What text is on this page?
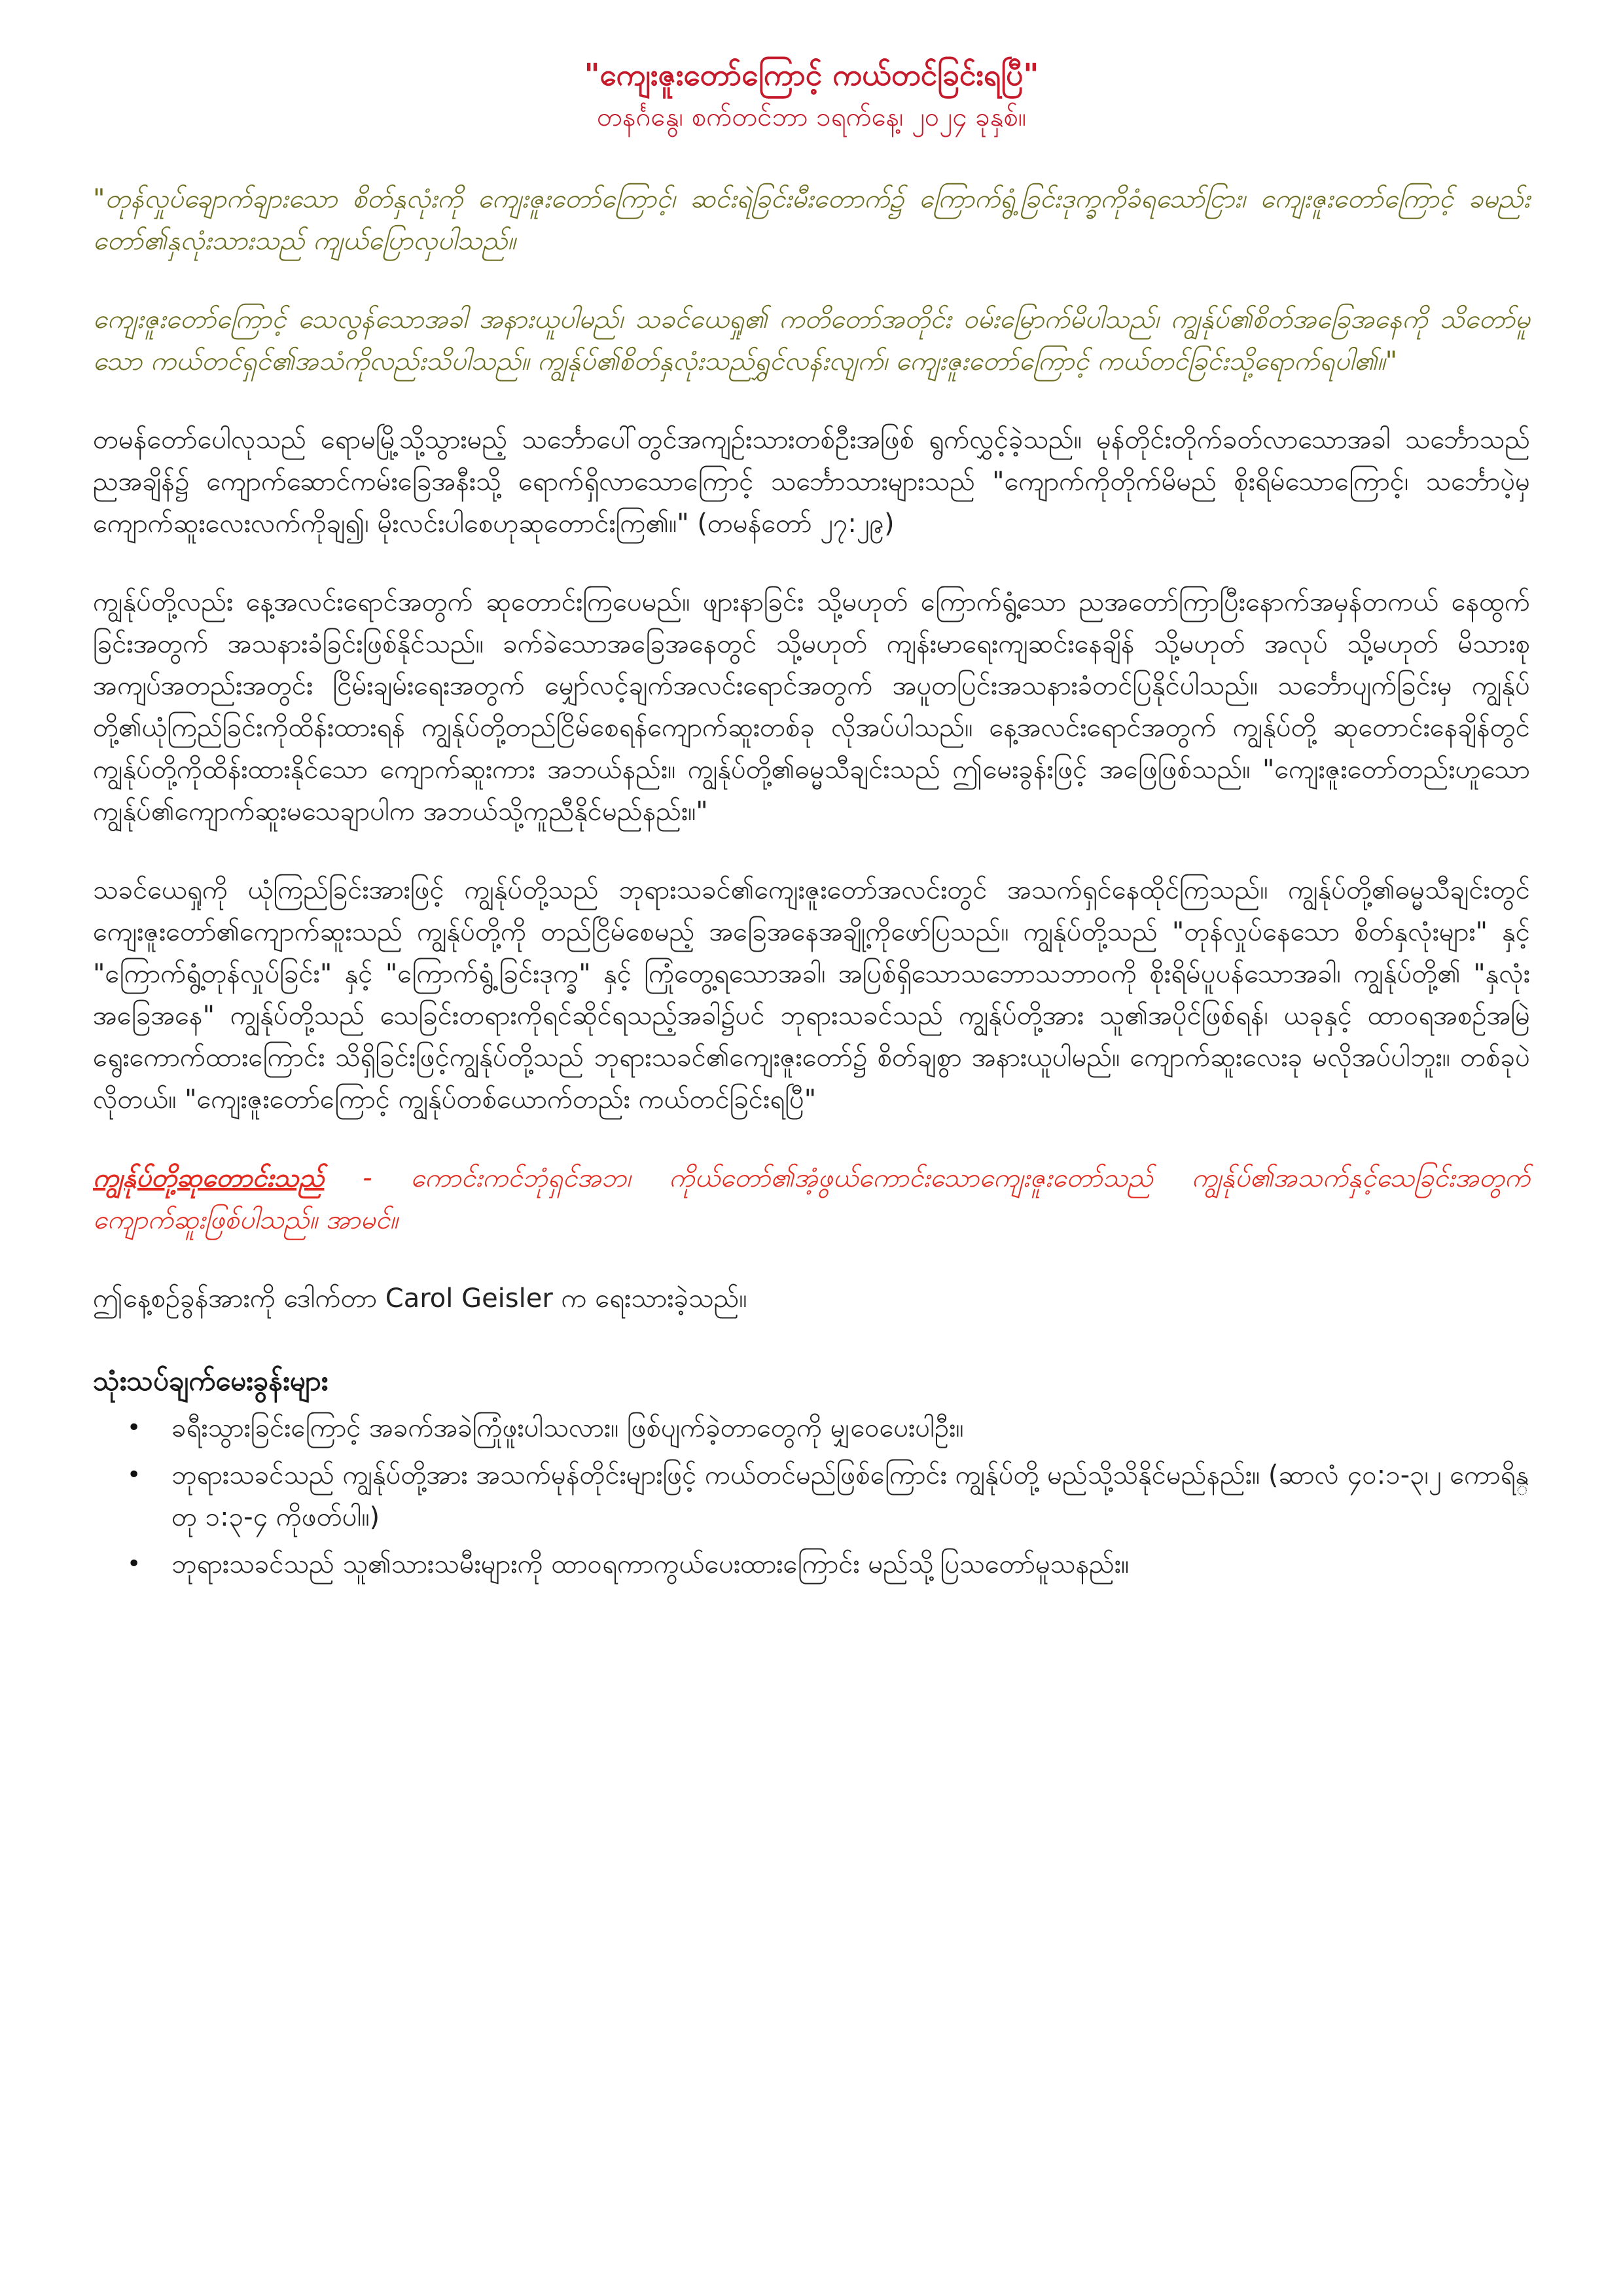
"ကျေးဇူးတော်ကြောင့် ကယ်တင်ခြင်းရပြီ"

တနင်္ဂနွေ၊ စက်တင်ဘာ ၁ရက်နေ့၊ ၂၀၂၄ ခုနှစ်။

"တုန်လှုပ်ချောက်ချားသော စိတ်နှလုံးကို ကျေးဇူးတော်ကြောင့်၊ ဆင်းရဲခြင်းမီးတောက်၌ ကြောက်ရွံ့ခြင်းဒုက္ခကိုခံရသော်ငြား၊ ကျေးဇူးတော်ကြောင့် ခမည်းတော်၏နှလုံးသားသည် ကျယ်ပြောလှပါသည်။

ကျေးဇူးတော်ကြောင့် သေလွန်သောအခါ အနားယူပါမည်၊ သခင်ယေရှု၏ ကတိတော်အတိုင်း ဝမ်းမြောက်မိပါသည်၊ ကျွန်ုပ်၏စိတ်အခြေအနေကို သိတော်မူသော ကယ်တင်ရှင်၏အသံကိုလည်းသိပါသည်။ ကျွန်ုပ်၏စိတ်နှလုံးသည်ရွှင်လန်းလျက်၊ ကျေးဇူးတော်ကြောင့် ကယ်တင်ခြင်းသို့ရောက်ရပါ၏။"

တမန်တော်ပေါလုသည် ရောမမြို့သို့သွားမည့် သင်္ဘောပေါ်တွင်အကျဉ်းသားတစ်ဦးအဖြစ် ရွက်လွှင့်ခဲ့သည်။ မုန်တိုင်းတိုက်ခတ်လာသောအခါ သင်္ဘောသည် ညအချိန်၌ ကျောက်ဆောင်ကမ်းခြေအနီးသို့ ရောက်ရှိလာသောကြောင့် သင်္ဘောသားများသည် "ကျောက်ကိုတိုက်မိမည် စိုးရိမ်သောကြောင့်၊ သင်္ဘောပဲ့မှကျောက်ဆူးလေးလက်ကိုချ၍၊ မိုးလင်းပါစေဟုဆုတောင်းကြ၏။" (တမန်တော် ၂၇:၂၉)

ကျွန်ုပ်တို့လည်း နေ့အလင်းရောင်အတွက် ဆုတောင်းကြပေမည်။ ဖျားနာခြင်း သို့မဟုတ် ကြောက်ရွံ့သော ညအတော်ကြာပြီးနောက်အမှန်တကယ် နေထွက်ခြင်းအတွက် အသနားခံခြင်းဖြစ်နိုင်သည်။ ခက်ခဲသောအခြေအနေတွင် သို့မဟုတ် ကျန်းမာရေးကျဆင်းနေချိန် သို့မဟုတ် အလုပ် သို့မဟုတ် မိသားစုအကျပ်အတည်းအတွင်း ငြိမ်းချမ်းရေးအတွက် မျှော်လင့်ချက်အလင်းရောင်အတွက် အပူတပြင်းအသနားခံတင်ပြနိုင်ပါသည်။ သင်္ဘောပျက်ခြင်းမှ ကျွန်ုပ်တို့၏ယုံကြည်ခြင်းကိုထိန်းထားရန် ကျွန်ုပ်တို့တည်ငြိမ်စေရန်ကျောက်ဆူးတစ်ခု လိုအပ်ပါသည်။ နေ့အလင်းရောင်အတွက် ကျွန်ုပ်တို့ ဆုတောင်းနေချိန်တွင် ကျွန်ုပ်တို့ကိုထိန်းထားနိုင်သော ကျောက်ဆူးကား အဘယ်နည်း။ ကျွန်ုပ်တို့၏ဓမ္မသီချင်းသည် ဤမေးခွန်းဖြင့် အဖြေဖြစ်သည်။ "ကျေးဇူးတော်တည်းဟူသော ကျွန်ုပ်၏ကျောက်ဆူးမသေချာပါက အဘယ်သို့ကူညီနိုင်မည်နည်း။"

သခင်ယေရှုကို ယုံကြည်ခြင်းအားဖြင့် ကျွန်ုပ်တို့သည် ဘုရားသခင်၏ကျေးဇူးတော်အလင်းတွင် အသက်ရှင်နေထိုင်ကြသည်။ ကျွန်ုပ်တို့၏ဓမ္မသီချင်းတွင် ကျေးဇူးတော်၏ကျောက်ဆူးသည် ကျွန်ုပ်တို့ကို တည်ငြိမ်စေမည့် အခြေအနေအချို့ကိုဖော်ပြသည်။ ကျွန်ုပ်တို့သည် "တုန်လှုပ်နေသော စိတ်နှလုံးများ" နှင့် "ကြောက်ရွံ့တုန်လှုပ်ခြင်း" နှင့် "ကြောက်ရွံ့ခြင်းဒုက္ခ" နှင့် ကြုံတွေ့ရသောအခါ၊ အပြစ်ရှိသောသဘောသဘာဝကို စိုးရိမ်ပူပန်သောအခါ၊ ကျွန်ုပ်တို့၏ "နှလုံးအခြေအနေ" ကျွန်ုပ်တို့သည် သေခြင်းတရားကိုရင်ဆိုင်ရသည့်အခါ၌ပင် ဘုရားသခင်သည် ကျွန်ုပ်တို့အား သူ၏အပိုင်ဖြစ်ရန်၊ ယခုနှင့် ထာဝရအစဉ်အမြဲ ရွေးကောက်ထားကြောင်း သိရှိခြင်းဖြင့်ကျွန်ုပ်တို့သည် ဘုရားသခင်၏ကျေးဇူးတော်၌ စိတ်ချစွာ အနားယူပါမည်။ ကျောက်ဆူးလေးခု မလိုအပ်ပါဘူး။ တစ်ခုပဲလိုတယ်။ "ကျေးဇူးတော်ကြောင့် ကျွန်ုပ်တစ်ယောက်တည်း ကယ်တင်ခြင်းရပြီ"

ကျွန်ုပ်တို့ဆုတောင်းသည် - ကောင်းကင်ဘုံရှင်အဘ၊ ကိုယ်တော်၏အံ့ဖွယ်ကောင်းသောကျေးဇူးတော်သည် ကျွန်ုပ်၏အသက်နှင့်သေခြင်းအတွက် ကျောက်ဆူးဖြစ်ပါသည်။ အာမင်။

ဤနေ့စဉ်ခွန်အားကို ဒေါက်တာ Carol Geisler က ရေးသားခဲ့သည်။

သုံးသပ်ချက်မေးခွန်းများ
• ခရီးသွားခြင်းကြောင့် အခက်အခဲကြုံဖူးပါသလား။ ဖြစ်ပျက်ခဲ့တာတွေကို မျှဝေပေးပါဦး။
• ဘုရားသခင်သည် ကျွန်ုပ်တို့အား အသက်မုန်တိုင်းများဖြင့် ကယ်တင်မည်ဖြစ်ကြောင်း ကျွန်ုပ်တို့ မည်သို့သိနိုင်မည်နည်း။ (ဆာလံ ၄၀:၁-၃၊၂ ကောရိန္တု ၁:၃-၄ ကိုဖတ်ပါ။)
• ဘုရားသခင်သည် သူ၏သားသမီးများကို ထာဝရကာကွယ်ပေးထားကြောင်း မည်သို့ပြသတော်မူသနည်း။
